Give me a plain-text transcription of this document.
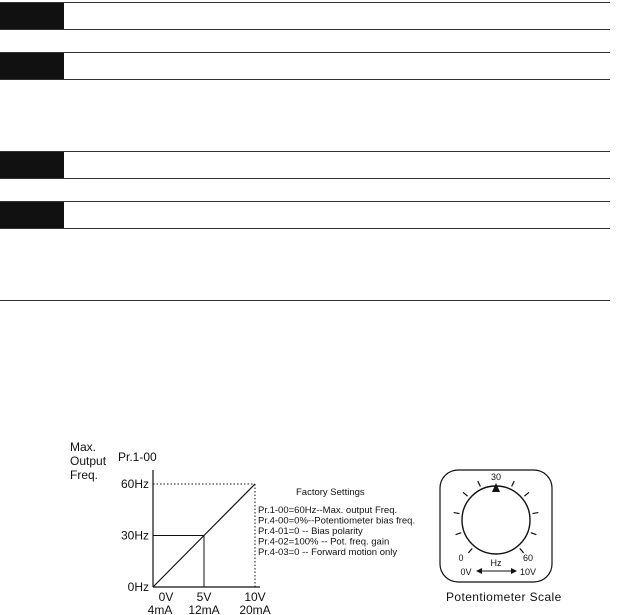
Max.
Output
Freq.
Pr.1-00
0Hz
30Hz
60Hz
0V
4mA
5V
12mA
10V
20mA
Factory Settings
Pr.1-00=60Hz--Max. output Freq.
Pr.4-00=0%--Potentiometer bias freq.
Pr.4-01=0 -- Bias polarity
Pr.4-02=100% -- Pot. freq. gain
Pr.4-03=0 -- Forward motion only
30
0	60
Hz
0V	10V
Potentiometer Scale
